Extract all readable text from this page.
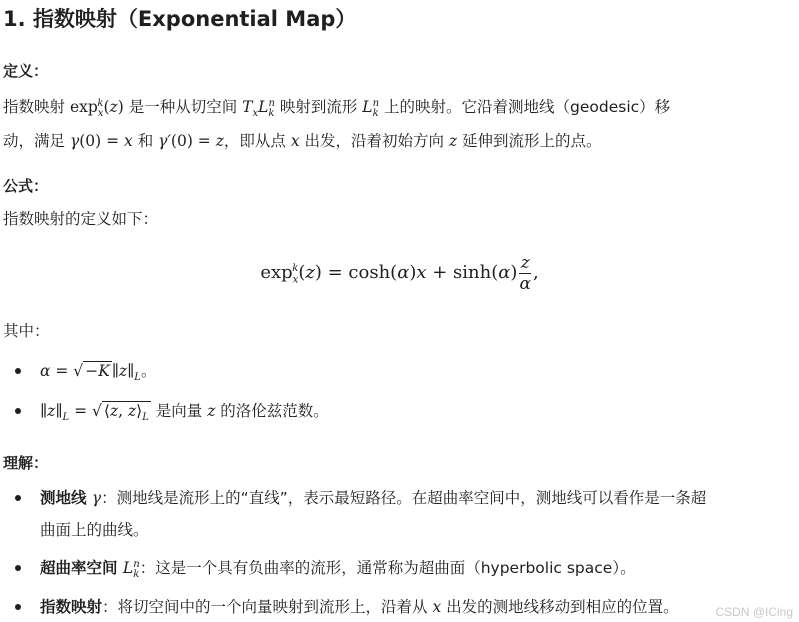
1. 指数映射（Exponential Map）
定义：
指数映射 $\exp_x^k(z)$ 是一种从切空间 $T_xL_k^n$ 映射到流形 $L_k^n$ 上的映射。它沿着测地线（geodesic）移
动，满足 γ(0) = x 和 γ′(0) = z，即从点 x 出发，沿着初始方向 z 延伸到流形上的点。
公式：
指数映射的定义如下：
$\exp_x^k(z) = \cosh(\alpha)x + \sinh(\alpha) \frac{z}{\alpha}$ ,
其中：
α = √ −K $\parallel z\parallel_L$。
$\parallel z\parallel_L$ = √ ⟨z, $z⟩_L$ 是向量 z 的洛伦兹范数。
理解：
测地线 γ：测地线是流形上的“直线”，表示最短路径。在超曲率空间中，测地线可以看作是一条超
曲面上的曲线。
超曲率空间 $L_k^n$：这是一个具有负曲率的流形，通常称为超曲面（hyperbolic space）。
指数映射：将切空间中的一个向量映射到流形上，沿着从 x 出发的测地线移动到相应的位置。	CSDN @ICing
